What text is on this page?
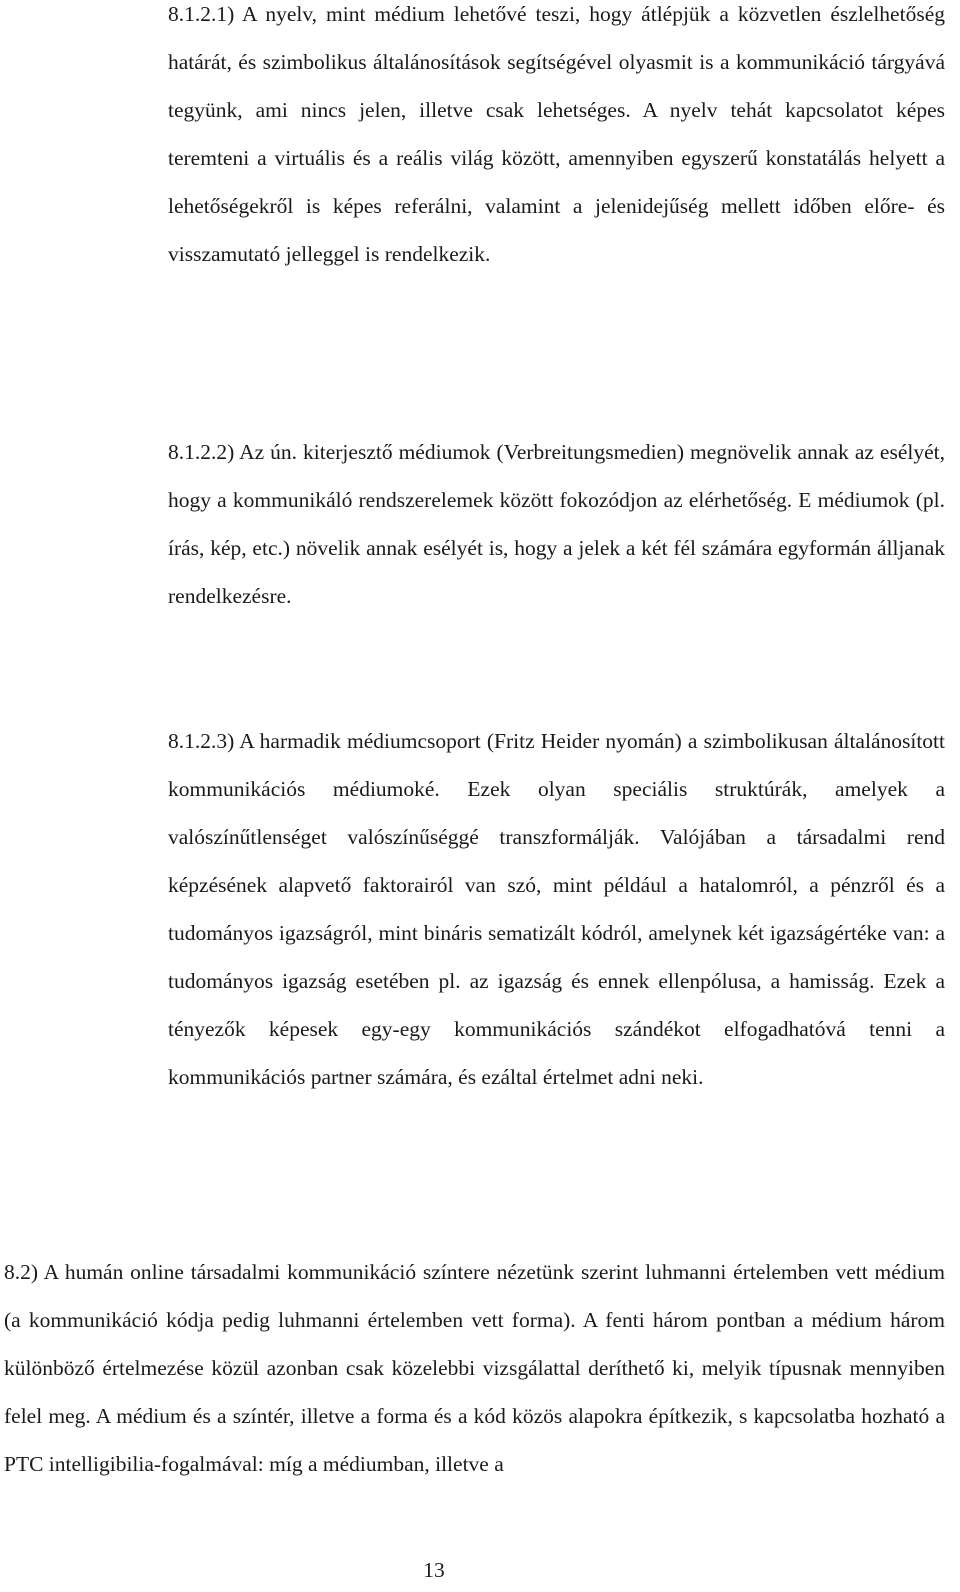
8.1.2.1) A nyelv, mint médium lehetővé teszi, hogy átlépjük a közvetlen észlelhetőség határát, és szimbolikus általánosítások segítségével olyasmit is a kommunikáció tárgyává tegyünk, ami nincs jelen, illetve csak lehetséges. A nyelv tehát kapcsolatot képes teremteni a virtuális és a reális világ között, amennyiben egyszerű konstatálás helyett a lehetőségekről is képes referálni, valamint a jelenidejűség mellett időben előre- és visszamutató jelleggel is rendelkezik.

8.1.2.2) Az ún. kiterjesztő médiumok (Verbreitungsmedien) megnövelik annak az esélyét, hogy a kommunikáló rendszerelemek között fokozódjon az elérhetőség. E médiumok (pl. írás, kép, etc.) növelik annak esélyét is, hogy a jelek a két fél számára egyformán álljanak rendelkezésre.

8.1.2.3) A harmadik médiumcsoport (Fritz Heider nyomán) a szimbolikusan általánosított kommunikációs médiumoké. Ezek olyan speciális struktúrák, amelyek a valószínűtlenséget valószínűséggé transzformálják. Valójában a társadalmi rend képzésének alapvető faktorairól van szó, mint például a hatalomról, a pénzről és a tudományos igazságról, mint bináris sematizált kódról, amelynek két igazságértéke van: a tudományos igazság esetében pl. az igazság és ennek ellenpólusa, a hamisság. Ezek a tényezők képesek egy-egy kommunikációs szándékot elfogadhatóvá tenni a kommunikációs partner számára, és ezáltal értelmet adni neki.

8.2) A humán online társadalmi kommunikáció színtere nézetünk szerint luhmanni értelemben vett médium (a kommunikáció kódja pedig luhmanni értelemben vett forma). A fenti három pontban a médium három különböző értelmezése közül azonban csak közelebbi vizsgálattal deríthető ki, melyik típusnak mennyiben felel meg. A médium és a színtér, illetve a forma és a kód közös alapokra építkezik, s kapcsolatba hozható a PTC intelligibilia-fogalmával: míg a médiumban, illetve a

13
